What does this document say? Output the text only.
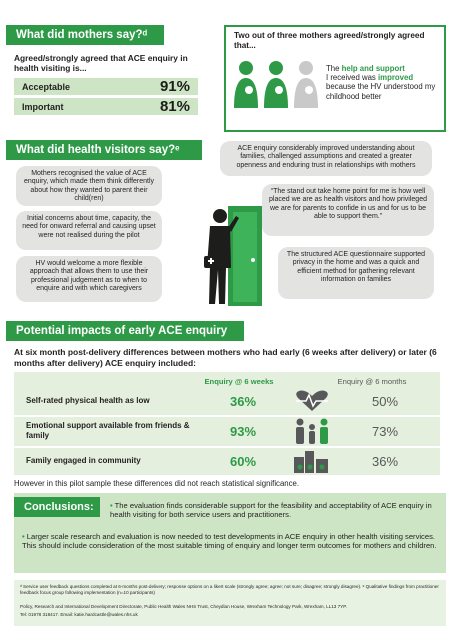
What did mothers say?ᵈ
Agreed/strongly agreed that ACE enquiry in health visiting is...
Acceptable	91%
Important	81%
Two out of three mothers agreed/strongly agreed that...
The help and support
I received was improved
because the HV understood my childhood better
What did health visitors say?ᵉ
Mothers recognised the value of ACE enquiry, which made them think differently about how they wanted to parent their child(ren)
Initial concerns about time, capacity, the need for onward referral and causing upset were not realised during the pilot
HV would welcome a more flexible approach that allows them to use their professional judgement as to when to enquire and with which caregivers
ACE enquiry considerably improved understanding about families, challenged assumptions and created a greater openness and enduring trust in relationships with mothers
“The stand out take home point for me is how well placed we are as health visitors and how privileged we are for parents to confide in us and for us to be able to support them.”
The structured ACE questionnaire supported privacy in the home and was a quick and efficient method for gathering relevant information on families
Potential impacts of early ACE enquiry
At six month post-delivery differences between mothers who had early (6 weeks after delivery) or later (6 months after delivery) ACE enquiry included:
Enquiry @ 6 weeks	Enquiry @ 6 months
Self-rated physical health as low	36%	50%
Emotional support available from friends & family	93%	73%
Family engaged in community	60%	36%
However in this pilot sample these differences did not reach statistical significance.
Conclusions:	• The evaluation finds considerable support for the feasibility and acceptability of ACE enquiry in health visiting for both service users and practitioners.
• Larger scale research and evaluation is now needed to test developments in ACE enquiry in other health visiting services. This should include consideration of the most suitable timing of enquiry and longer term outcomes for mothers and children.
ᵈ Service user feedback questions completed at 6-months post-delivery; response options on a likert scale (strongly agree; agree; not sure; disagree; strongly disagree). ᵉ Qualitative findings from practitioner feedback focus group following implementation (n=10 participants)
Policy, Research and International Development Directorate, Public Health Wales NHS Trust, Cheydlan House, Wrexham Technology Park, Wrexham, LL13 7YP.
Tel: 01978 318417. Email: katie.hardcastle@wales.nhs.uk
